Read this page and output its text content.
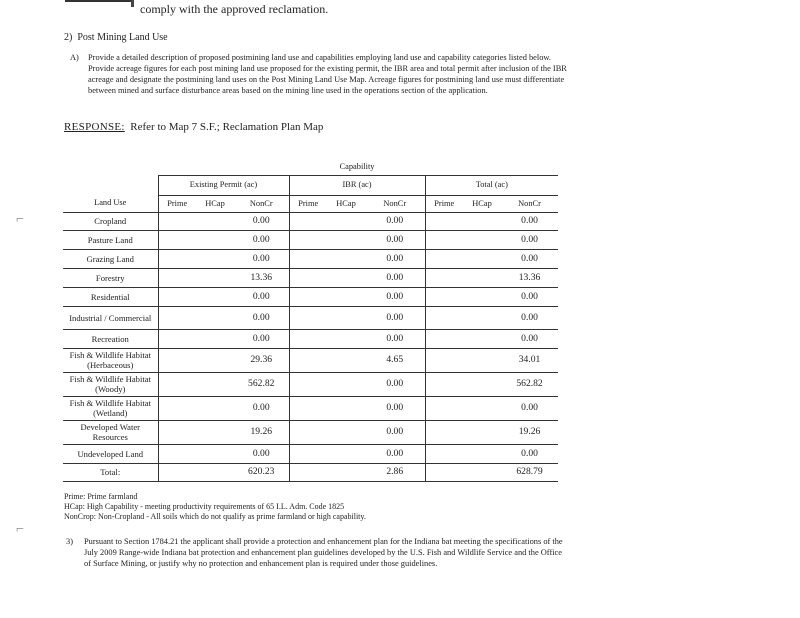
comply with the approved reclamation.
2) Post Mining Land Use
A) Provide a detailed description of proposed postmining land use and capabilities employing land use and capability categories listed below. Provide acreage figures for each post mining land use proposed for the existing permit, the IBR area and total permit after inclusion of the IBR acreage and designate the postmining land uses on the Post Mining Land Use Map. Acreage figures for postmining land use must differentiate between mined and surface disturbance areas based on the mining line used in the operations section of the application.
RESPONSE: Refer to Map 7 S.F.; Reclamation Plan Map
				Capability					
	Existing Permit (ac)			IBR (ac)			Total (ac)		
Land Use	Prime	HCap	NonCr	Prime	HCap	NonCr	Prime	HCap	NonCr
Cropland			0.00			0.00			0.00
Pasture Land			0.00			0.00			0.00
Grazing Land			0.00			0.00			0.00
Forestry			13.36			0.00			13.36
Residential			0.00			0.00			0.00
Industrial / Commercial			0.00			0.00			0.00
Recreation			0.00			0.00			0.00
Fish & Wildlife Habitat (Herbaceous)			29.36			4.65			34.01
Fish & Wildlife Habitat (Woody)			562.82			0.00			562.82
Fish & Wildlife Habitat (Wetland)			0.00			0.00			0.00
Developed Water Resources			19.26			0.00			19.26
Undeveloped Land			0.00			0.00			0.00
Total:			620.23			2.86			628.79
Prime: Prime farmland
HCap: High Capability - meeting productivity requirements of 65 I.L. Adm. Code 1825
NonCrop: Non-Cropland - All soils which do not qualify as prime farmland or high capability.
3) Pursuant to Section 1784.21 the applicant shall provide a protection and enhancement plan for the Indiana bat meeting the specifications of the July 2009 Range-wide Indiana bat protection and enhancement plan guidelines developed by the U.S. Fish and Wildlife Service and the Office of Surface Mining, or justify why no protection and enhancement plan is required under those guidelines.
⌐
⌐
